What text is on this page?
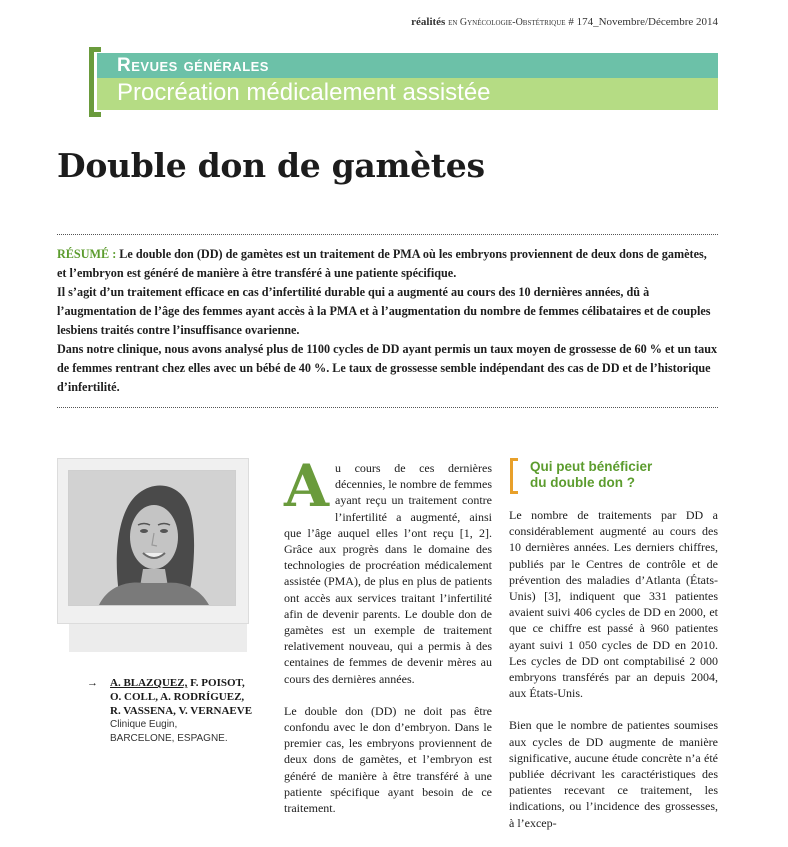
réalités en Gynécologie-Obstétrique # 174_Novembre/Décembre 2014
Revues générales
Procréation médicalement assistée
Double don de gamètes

RÉSUMÉ : Le double don (DD) de gamètes est un traitement de PMA où les embryons proviennent de deux dons de gamètes, et l’embryon est généré de manière à être transféré à une patiente spécifique.

Il s’agit d’un traitement efficace en cas d’infertilité durable qui a augmenté au cours des 10 dernières années, dû à l’augmentation de l’âge des femmes ayant accès à la PMA et à l’augmentation du nombre de femmes célibataires et de couples lesbiens traités contre l’insuffisance ovarienne.

Dans notre clinique, nous avons analysé plus de 1100 cycles de DD ayant permis un taux moyen de grossesse de 60 % et un taux de femmes rentrant chez elles avec un bébé de 40 %. Le taux de grossesse semble indépendant des cas de DD et de l’historique d’infertilité.

→ A. BLAZQUEZ, F. POISOT,
O. COLL, A. RODRÍGUEZ,
R. VASSENA, V. VERNAEVE
Clinique Eugin,
BARCELONE, ESPAGNE.

A u cours de ces dernières décennies, le nombre de femmes ayant reçu un traitement contre l’infertilité a augmenté, ainsi que l’âge auquel elles l’ont reçu [1, 2]. Grâce aux progrès dans le domaine des technologies de procréation médicalement assistée (PMA), de plus en plus de patients ont accès aux services traitant l’infertilité afin de devenir parents. Le double don de gamètes est un exemple de traitement relativement nouveau, qui a permis à des centaines de femmes de devenir mères au cours des dernières années.

Le double don (DD) ne doit pas être confondu avec le don d’embryon. Dans le premier cas, les embryons proviennent de deux dons de gamètes, et l’embryon est généré de manière à être transféré à une patiente spécifique ayant besoin de ce traitement.

Qui peut bénéficier
du double don ?

Le nombre de traitements par DD a considérablement augmenté au cours des 10 dernières années. Les derniers chiffres, publiés par le Centres de contrôle et de prévention des maladies d’Atlanta (États-Unis) [3], indiquent que 331 patientes avaient suivi 406 cycles de DD en 2000, et que ce chiffre est passé à 960 patientes ayant suivi 1 050 cycles de DD en 2010. Les cycles de DD ont comptabilisé 2 000 embryons transférés par an depuis 2004, aux États-Unis.

Bien que le nombre de patientes soumises aux cycles de DD augmente de manière significative, aucune étude concrète n’a été publiée décrivant les caractéristiques des patientes recevant ce traitement, les indications, ou l’incidence des grossesses, à l’excep-
